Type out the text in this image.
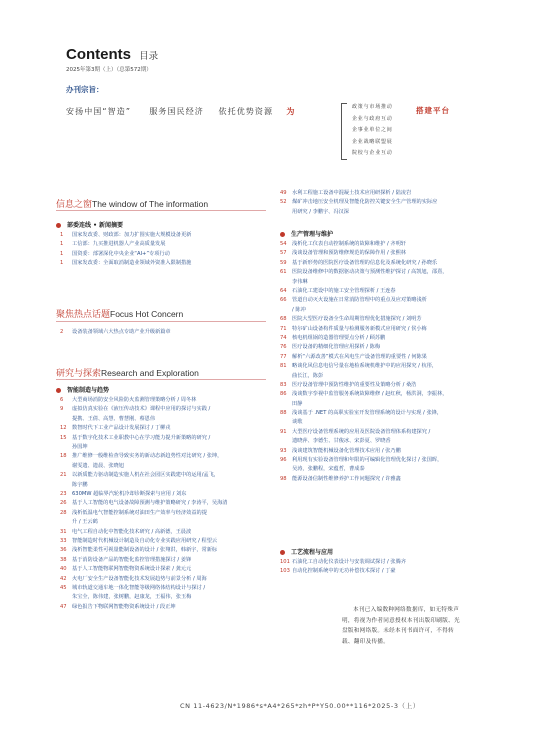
Contents 目录
2025年第3期（上）（总第572期）
办刊宗旨：
安扬中国“智造” 服务国民经济 依托优势资源 为	政策与市场推动
企业与政府互动
企事业单位之间
企业战略联盟展
院校与企业互动
搭建平台
信息之窗The window of The information
部委连线 • 新闻摘要
1 国家发改委、财政部：加力扩围实施大规模设备更新
1 工信部：九买推进机器人产业高质量发展
1 国资委：部署深化中央企业“AI+”专项行动
1 国家发改委：全面取消制造业领域外资准入限制措施
聚焦热点话题Focus Hot Concern
2 设备装备领域六大热点专助产业升级新篇章
研究与探索Research and Exploration
智能制造与趋势
6 大型商场消防安全风险防火监测管理策略分析 / 周冬林
9 虚拟仿真实验在《液压传动技术》课程中应用的探讨与实践 /
提携、王倩、高慧、曹慧刚、蔡恩伟
12 数智时代下工业产品设计发展探讨 / 丁柳戎
15 基于数字化技术工业职教中心在学习能力提升新策略的研究 /
孙国坤
18 推广维修一般维检查导致实务的新动态新趋势性对比研究 / 张坤，
谢雯遗、遗晨、张晓旭
21 以新质能力驱动制造实施人机在社会园区实践建中的运用/孟飞，
陈宇鹏
23 630MW 超临界汽轮机冷却诊断探索与应用 / 刘东
26 基于人工智能的电气设备故障预测与维护策略研究 / 李涛平，吴海清
28 浅析低温电气智能控制系统对油田生产效率与经济效益的提
升 / 王云鹤
31 电气工程自动化中智能化技术研究 / 高新德，王晨波
33 智能制造时代机械设计制造及自动化专业实践应用研究 / 程望云
36 浅析智能柔性可视量能制设备的设计 / 张翔洪，韩新宇，常新标
38 基于消防设备产品的智能化监控管理措施探讨 / 姜锋
40 基于人工智能物联网智能物资系统设计探索 / 龚元元
42 火电厂安全生产设备智能化技术发展趋势与前景分析 / 周海
45 城市轨道交通车地一体化智能等级网络体结构设计与探讨 /
朱宝全，陈伟建，张树鹏，赵康龙，王福伟，张玉梅
47 绿色报告下物联网智能物资系统设计 / 段正坤
49 水利工程施工设备中混凝土技术应用研探析 / 陆凌岩
52 煤矿冲击地压安全机理及智能化防控关键安全生产管理的实际应
用研究 / 李鹏宇、冯汉深
生产管理与维护
54 浅析化工仪表自动控制系统的故障和维护 / 齐明轩
57 浅谈设备管理和预防维修规范的保障作用 / 张熙林
59 基于新形势的医院医疗设备管理的信息化及系统化研究 / 孙晓乐
61 医院设备维修中的数据驱动决策与预测性维护探讨 / 高凯旭，邵熹，
李伟琳
64 石油化工建设中的施工安全管理探析 / 王连春
66 管道自动灭火设施在日常消防管理中的重点及应对策略浅析
/ 陈冲
68 医院大型医疗设备全生命周期管理优化措施探究 / 刘明芳
71 特尔矿山设备构件质量与检测服务新模式应用研究 / 侯小梅
74 核电机组锅的造器管理要点分析 / 顾苏鹏
76 医疗设备的精细化管理应用探析 / 陈梅
77 解析“六源改善”模式在风电生产设备管理的重要性 / 何陈果
81 略谈化风信息电信号量在地检系统机维护中的应用探究 / 杭彤，
曲长江，陈彭
83 医疗设备管理中预防性维护的重要性及策略分析 / 桑浩
86 浅谈数字孪视中监管服务系统故障维修 / 赵红秋，杨洪洞，李振林，
田静
88 浅谈基于 .NET 的高职实验室开发管理系统的设计与实现 / 张锋，
谈歌
91 大型医疗设备管理系统的应用及医院设备管理体系构建探究 /
遗晓萍、李德生、甘俊冰、宋彭夏、罗晓香
93 浅谈建筑智能机械设备化管理技术应用 / 张乃鹏
96 利用现有实验设备管理和年限的可编辑化管理优化探讨 / 张国晖，
吴涛，张鹏程，宋蕴哲，曹成泰
98 能源设备信制性维修养护工作问题探究 / 许雅鑫
工艺流程与应用
101 石油化工自动化仪表设计与安装调试探讨 / 张腾齐
103 自动化控制系统中的无功补偿技术探讨 / 丁豪
本刊已入编数种网络数据库，如无特殊声明，将视为作者同意授权本刊出版印刷版、光盘版和网络版。未经本刊书面许可，不得转载、翻印及传播。
CN 11-4623/N*1986*s*A4*265*zh*P*Y50.00**116*2025-3（上）
